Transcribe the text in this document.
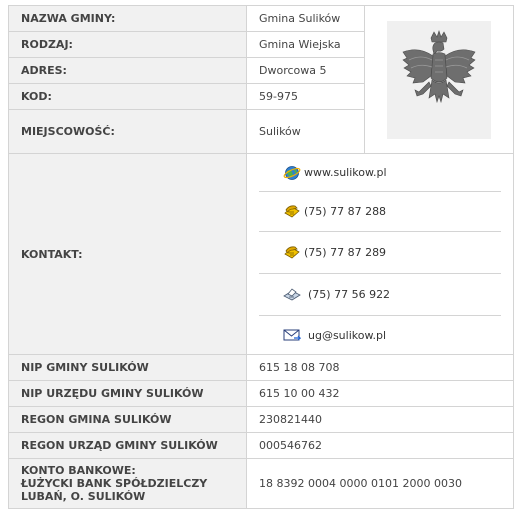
NAZWA GMINY:	Gmina Sulików	

RODZAJ:	Gmina Wiejska	
ADRES:	Dworcowa 5	
KOD:	59-975	
MIEJSCOWOŚĆ:	Sulików	
KONTAKT:	www.sulikow.pl
(75) 77 87 288
(75) 77 87 289
(75) 77 56 922
ug@sulikow.pl	

NIP GMINY SULIKÓW	615 18 08 708	
NIP URZĘDU GMINY SULIKÓW	615 10 00 432	
REGON GMINA SULIKÓW	230821440	
REGON URZĄD GMINY SULIKÓW	000546762	

KONTO BANKOWE:
ŁUŻYCKI BANK SPÓŁDZIELCZY
LUBAŃ, O. SULIKÓW	18 8392 0004 0000 0101 2000 0030	
